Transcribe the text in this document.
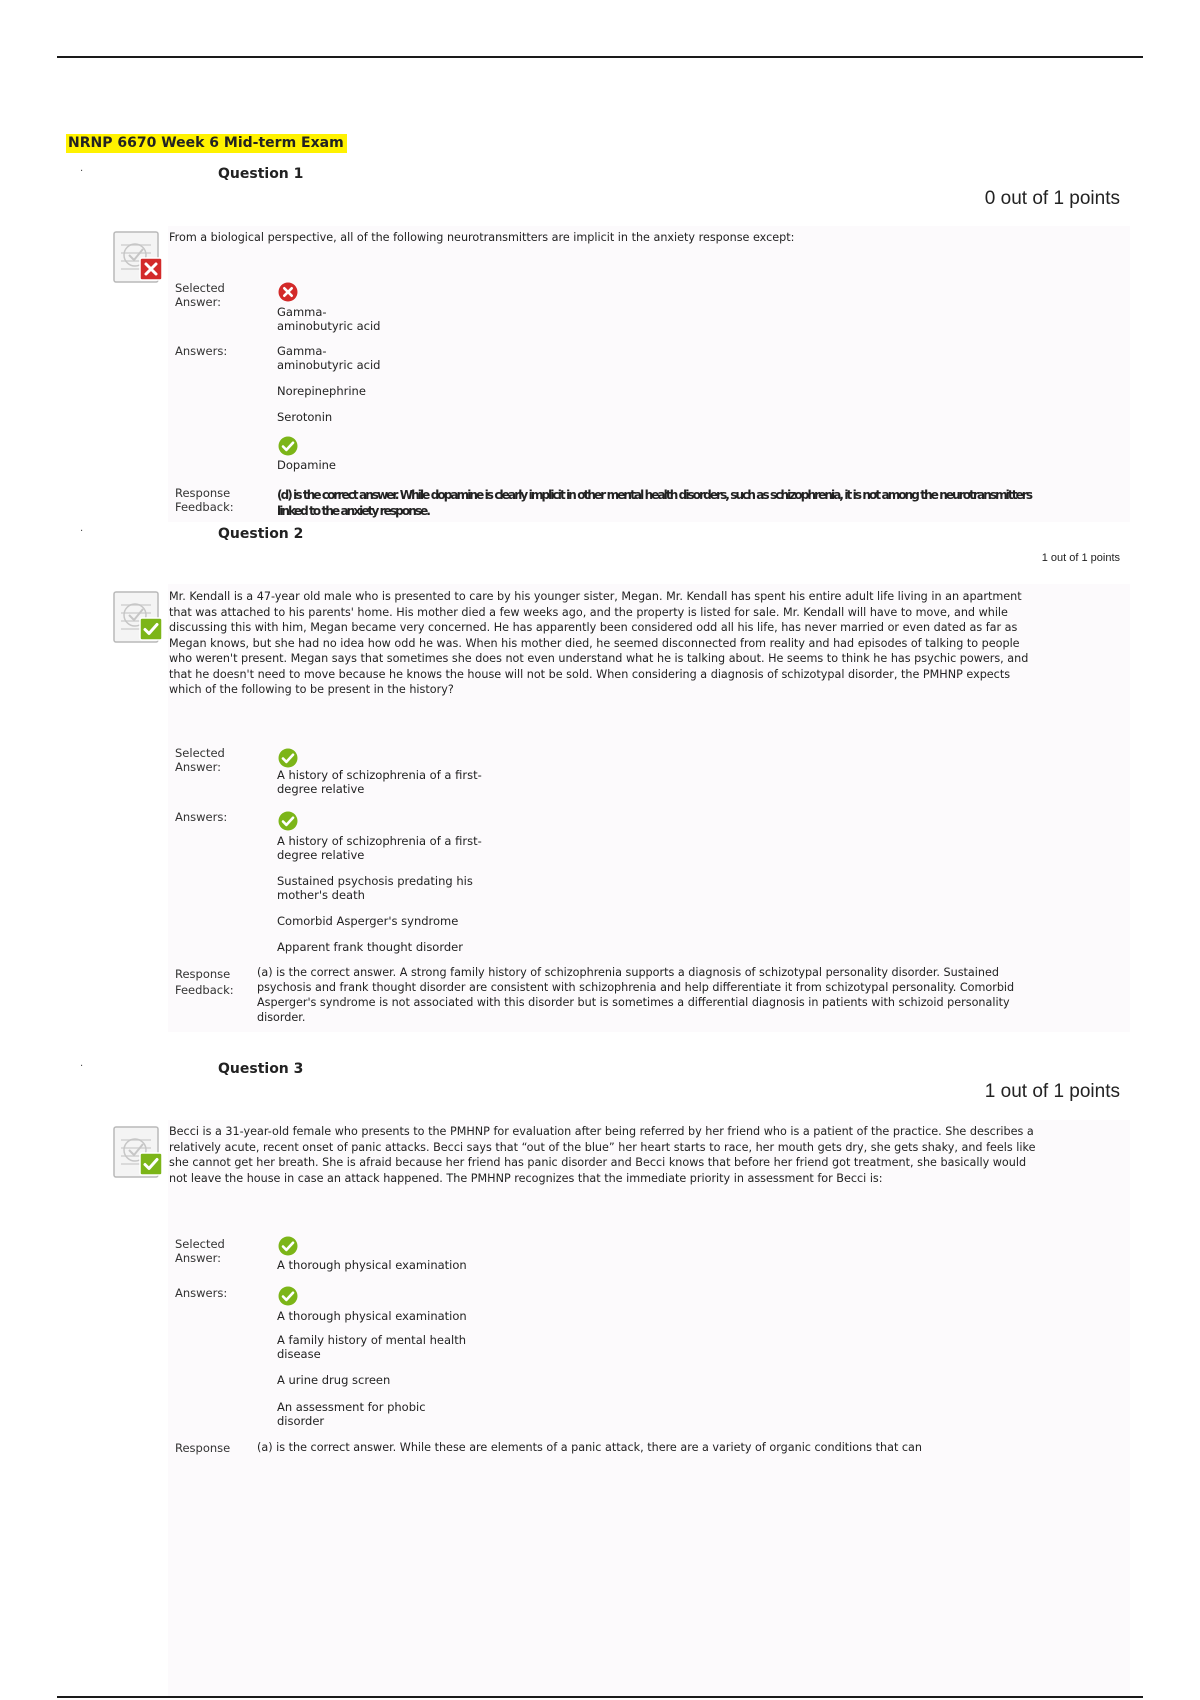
NRNP 6670 Week 6 Mid-term Exam
·	Question 1
0 out of 1 points
From a biological perspective, all of the following neurotransmitters are implicit in the anxiety response except:
Selected
Answer:
Gamma-
aminobutyric acid
Answers:	Gamma-
aminobutyric acid
Norepinephrine
Serotonin
Dopamine
Response
Feedback:
(d) is the correct answer. While dopamine is clearly implicit in other mental health disorders, such as schizophrenia, it is not among the neurotransmitters linked to the anxiety response.
·	Question 2
1 out of 1 points
Mr. Kendall is a 47-year old male who is presented to care by his younger sister, Megan. Mr. Kendall has spent his entire adult life living in an apartment that was attached to his parents' home. His mother died a few weeks ago, and the property is listed for sale. Mr. Kendall will have to move, and while discussing this with him, Megan became very concerned. He has apparently been considered odd all his life, has never married or even dated as far as Megan knows, but she had no idea how odd he was. When his mother died, he seemed disconnected from reality and had episodes of talking to people who weren't present. Megan says that sometimes she does not even understand what he is talking about. He seems to think he has psychic powers, and that he doesn't need to move because he knows the house will not be sold. When considering a diagnosis of schizotypal disorder, the PMHNP expects which of the following to be present in the history?
Selected
Answer:
A history of schizophrenia of a first-
degree relative
Answers:
A history of schizophrenia of a first-
degree relative
Sustained psychosis predating his
mother's death
Comorbid Asperger's syndrome
Apparent frank thought disorder
Response
Feedback:
(a) is the correct answer. A strong family history of schizophrenia supports a diagnosis of schizotypal personality disorder. Sustained psychosis and frank thought disorder are consistent with schizophrenia and help differentiate it from schizotypal personality. Comorbid Asperger's syndrome is not associated with this disorder but is sometimes a differential diagnosis in patients with schizoid personality disorder.
·	Question 3
1 out of 1 points
Becci is a 31-year-old female who presents to the PMHNP for evaluation after being referred by her friend who is a patient of the practice. She describes a relatively acute, recent onset of panic attacks. Becci says that “out of the blue” her heart starts to race, her mouth gets dry, she gets shaky, and feels like she cannot get her breath. She is afraid because her friend has panic disorder and Becci knows that before her friend got treatment, she basically would not leave the house in case an attack happened. The PMHNP recognizes that the immediate priority in assessment for Becci is:
Selected
Answer:	A thorough physical examination
Answers:
A thorough physical examination
A family history of mental health
disease
A urine drug screen
An assessment for phobic
disorder
Response (a) is the correct answer. While these are elements of a panic attack, there are a variety of organic conditions that can
